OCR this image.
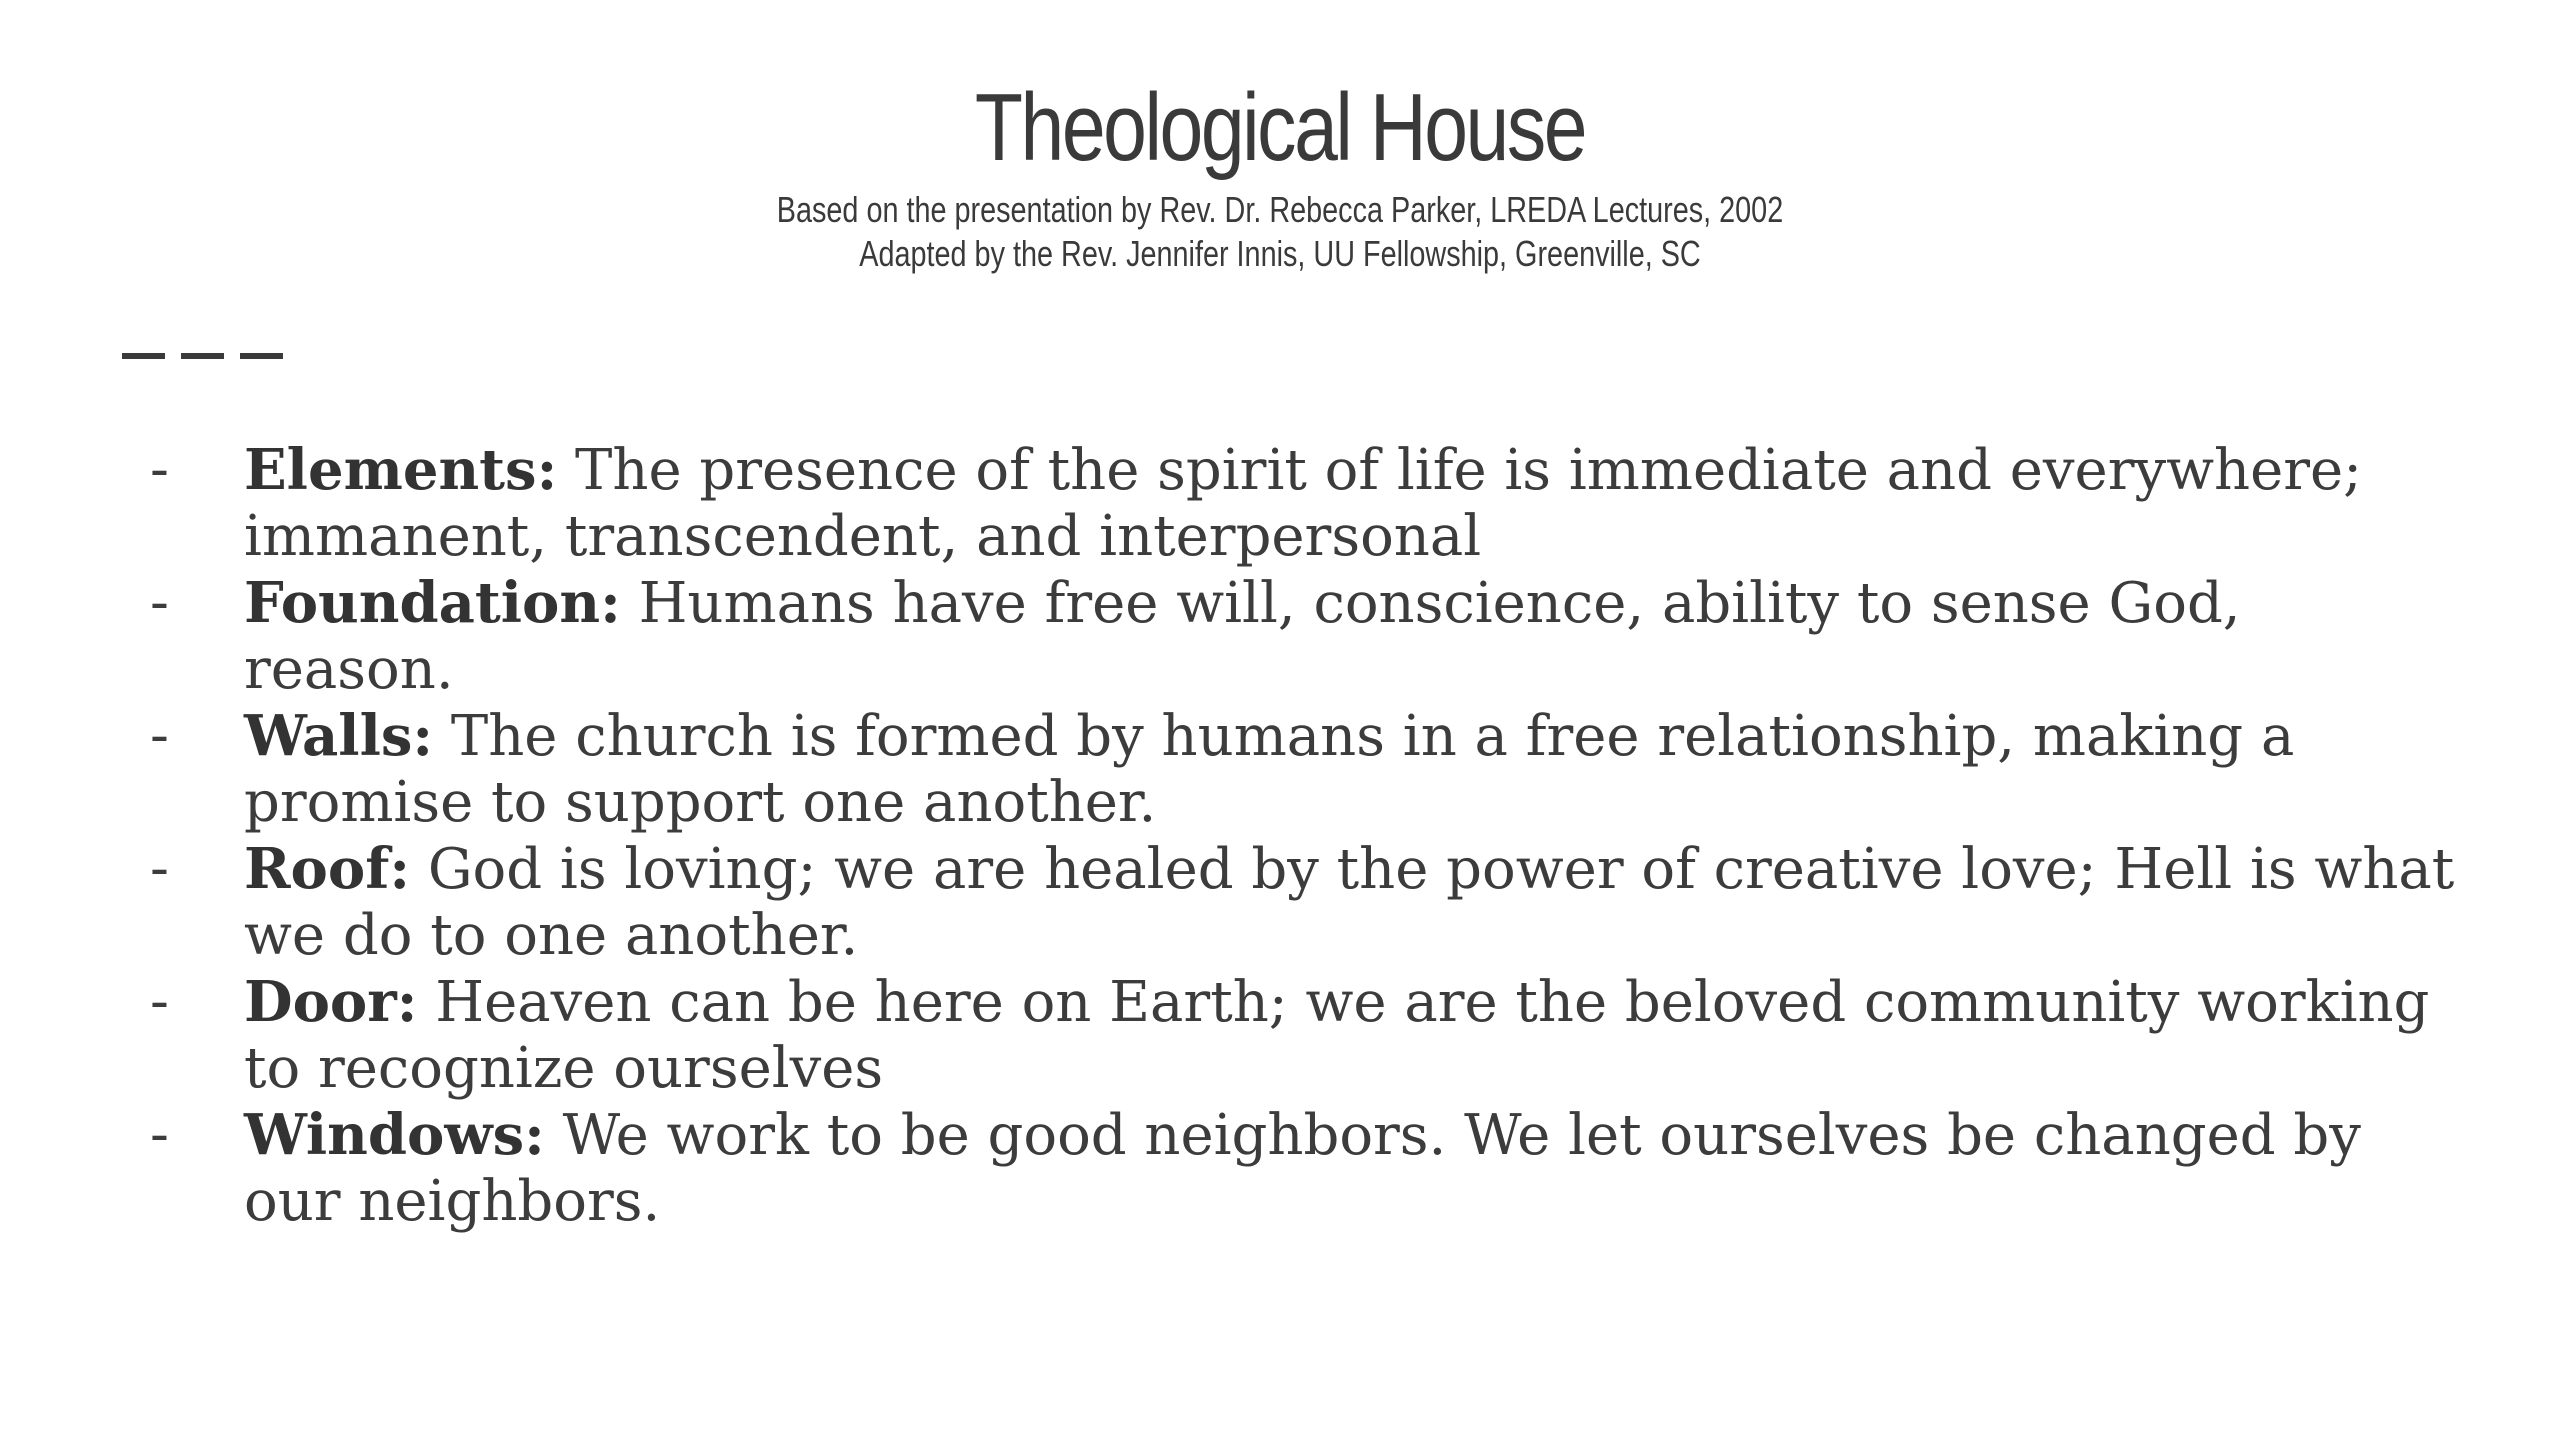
Theological House

Based on the presentation by Rev. Dr. Rebecca Parker, LREDA Lectures, 2002

Adapted by the Rev. Jennifer Innis, UU Fellowship, Greenville, SC

- Elements: The presence of the spirit of life is immediate and everywhere; immanent, transcendent, and interpersonal
- Foundation: Humans have free will, conscience, ability to sense God, reason.
- Walls: The church is formed by humans in a free relationship, making a promise to support one another.
- Roof: God is loving; we are healed by the power of creative love; Hell is what we do to one another.
- Door: Heaven can be here on Earth; we are the beloved community working to recognize ourselves
- Windows: We work to be good neighbors. We let ourselves be changed by our neighbors.
